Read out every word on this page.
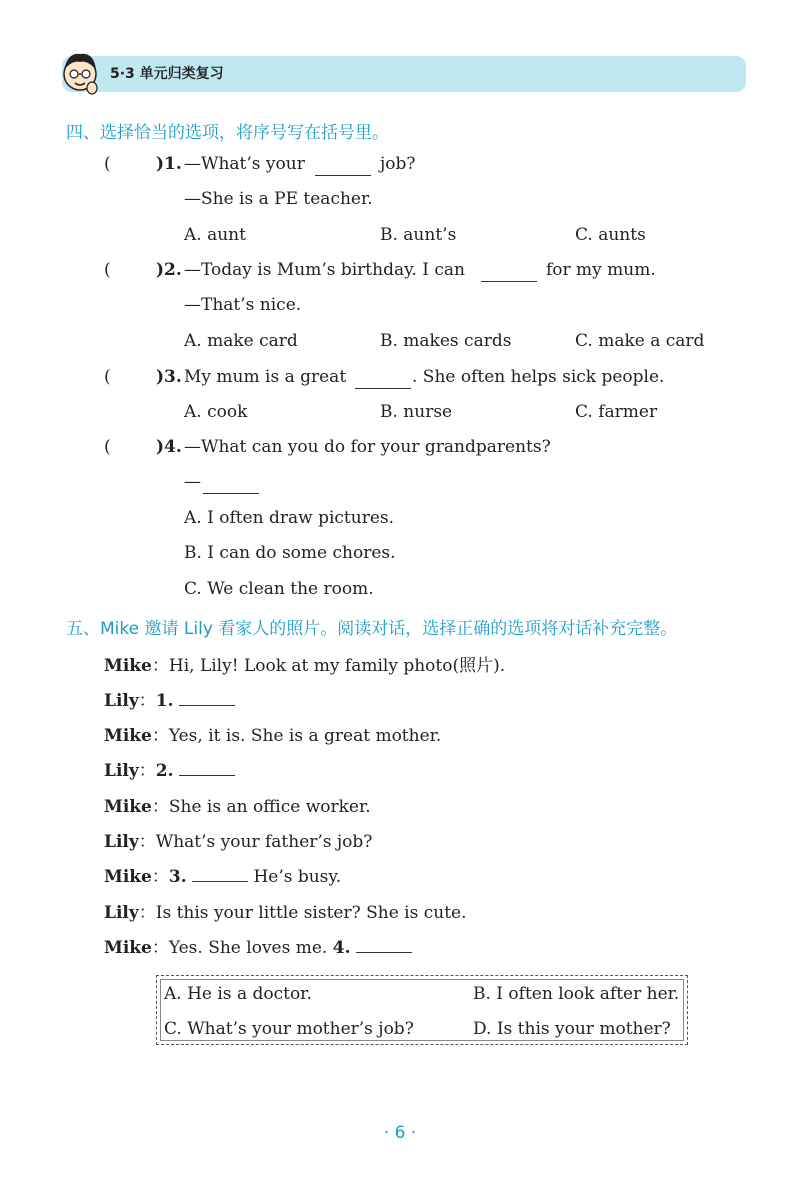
5·3 单元归类复习
四、选择恰当的选项，将序号写在括号里。
(	)1. —What’s your	job?
—She is a PE teacher.
A. aunt	B. aunt’s	C. aunts
(	)2. —Today is Mum’s birthday. I can	for my mum.
—That’s nice.
A. make card	B. makes cards	C. make a card
(	)3. My mum is a great	. She often helps sick people.
A. cook	B. nurse	C. farmer
(	)4. —What can you do for your grandparents?
—
A. I often draw pictures.
B. I can do some chores.
C. We clean the room.
五、Mike 邀请 Lily 看家人的照片。阅读对话，选择正确的选项将对话补充完整。
Mike：Hi, Lily! Look at my family photo(照片).
Lily：1.
Mike：Yes, it is. She is a great mother.
Lily：2.
Mike：She is an office worker.
Lily：What’s your father’s job?
Mike：3.	He’s busy.
Lily：Is this your little sister? She is cute.
Mike：Yes. She loves me. 4.
A. He is a doctor.	B. I often look after her.
C. What’s your mother’s job?	D. Is this your mother?
· 6 ·
